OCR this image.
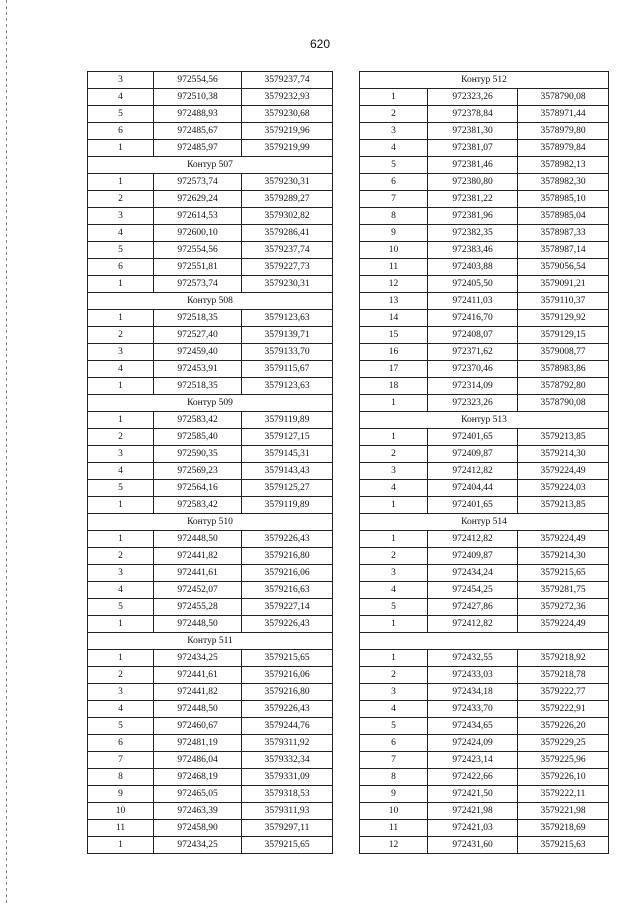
620
3	972554,56	3579237,74
4	972510,38	3579232,93
5	972488,93	3579230,68
6	972485,67	3579219,96
1	972485,97	3579219,99
Контур 507		
1	972573,74	3579230,31
2	972629,24	3579289,27
3	972614,53	3579302,82
4	972600,10	3579286,41
5	972554,56	3579237,74
6	972551,81	3579227,73
1	972573,74	3579230,31
Контур 508		
1	972518,35	3579123,63
2	972527,40	3579139,71
3	972459,40	3579133,70
4	972453,91	3579115,67
1	972518,35	3579123,63
Контур 509		
1	972583,42	3579119,89
2	972585,40	3579127,15
3	972590,35	3579145,31
4	972569,23	3579143,43
5	972564,16	3579125,27
1	972583,42	3579119,89
Контур 510		
1	972448,50	3579226,43
2	972441,82	3579216,80
3	972441,61	3579216,06
4	972452,07	3579216,63
5	972455,28	3579227,14
1	972448,50	3579226,43
Контур 511		
1	972434,25	3579215,65
2	972441,61	3579216,06
3	972441,82	3579216,80
4	972448,50	3579226,43
5	972460,67	3579244,76
6	972481,19	3579311,92
7	972486,04	3579332,34
8	972468,19	3579331,09
9	972465,05	3579318,53
10	972463,39	3579311,93
11	972458,90	3579297,11
1	972434,25	3579215,65
Контур 512		
1	972323,26	3578790,08
2	972378,84	3578971,44
3	972381,30	3578979,80
4	972381,07	3578979,84
5	972381,46	3578982,13
6	972380,80	3578982,30
7	972381,22	3578985,10
8	972381,96	3578985,04
9	972382,35	3578987,33
10	972383,46	3578987,14
11	972403,88	3579056,54
12	972405,50	3579091,21
13	972411,03	3579110,37
14	972416,70	3579129,92
15	972408,07	3579129,15
16	972371,62	3579008,77
17	972370,46	3578983,86
18	972314,09	3578792,80
1	972323,26	3578790,08
Контур 513		
1	972401,65	3579213,85
2	972409,87	3579214,30
3	972412,82	3579224,49
4	972404,44	3579224,03
1	972401,65	3579213,85
Контур 514		
1	972412,82	3579224,49
2	972409,87	3579214,30
3	972434,24	3579215,65
4	972454,25	3579281,75
5	972427,86	3579272,36
1	972412,82	3579224,49

1	972432,55	3579218,92
2	972433,03	3579218,78
3	972434,18	3579222,77
4	972433,70	3579222,91
5	972434,65	3579226,20
6	972424,09	3579229,25
7	972423,14	3579225,96
8	972422,66	3579226,10
9	972421,50	3579222,11
10	972421,98	3579221,98
11	972421,03	3579218,69
12	972431,60	3579215,63
